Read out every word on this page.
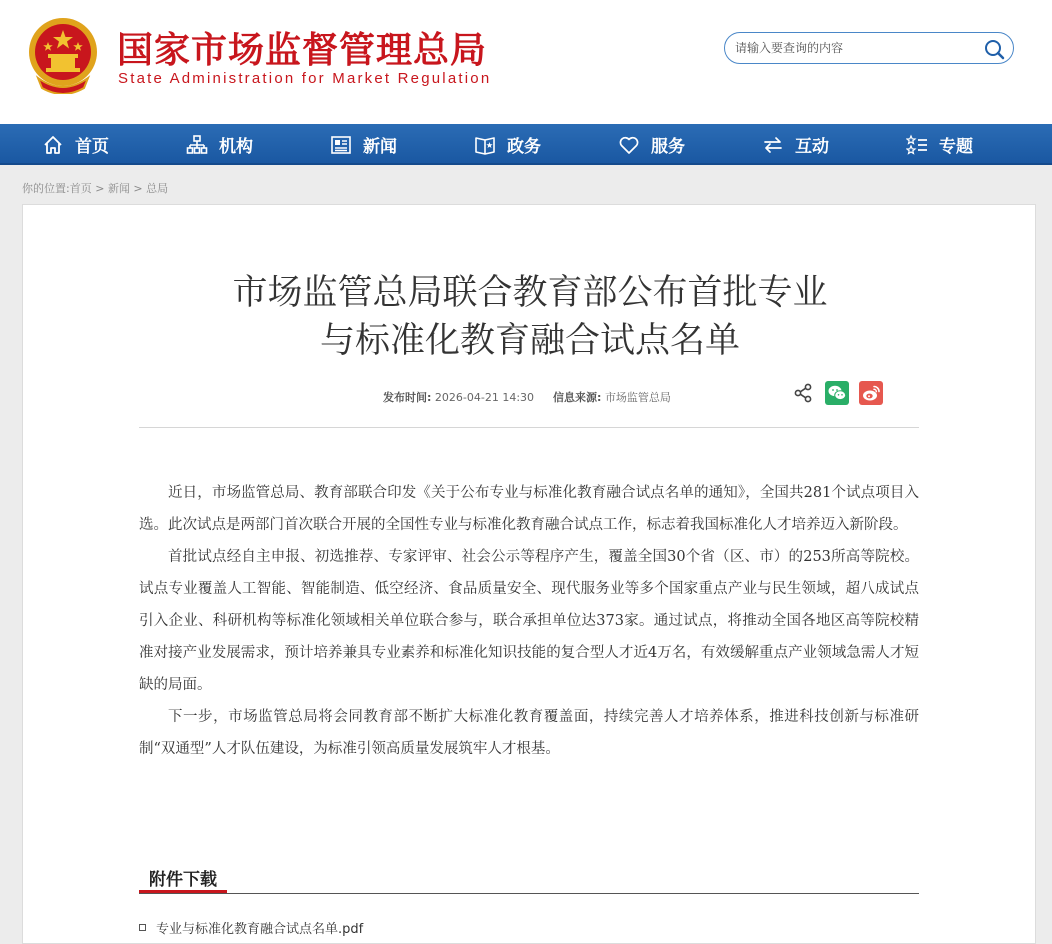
国家市场监督管理总局
State Administration for Market Regulation
请输入要查询的内容
首页	机构	新闻	政务	服务	互动	专题
你的位置:首页 > 新闻 > 总局
市场监管总局联合教育部公布首批专业
与标准化教育融合试点名单
发布时间: 2026-04-21 14:30 信息来源: 市场监管总局

近日，市场监管总局、教育部联合印发《关于公布专业与标准化教育融合试点名单的通知》，全国共281个试点项目入选。此次试点是两部门首次联合开展的全国性专业与标准化教育融合试点工作，标志着我国标准化人才培养迈入新阶段。

首批试点经自主申报、初选推荐、专家评审、社会公示等程序产生，覆盖全国30个省（区、市）的253所高等院校。试点专业覆盖人工智能、智能制造、低空经济、食品质量安全、现代服务业等多个国家重点产业与民生领域，超八成试点引入企业、科研机构等标准化领域相关单位联合参与，联合承担单位达373家。通过试点，将推动全国各地区高等院校精准对接产业发展需求，预计培养兼具专业素养和标准化知识技能的复合型人才近4万名，有效缓解重点产业领域急需人才短缺的局面。

下一步，市场监管总局将会同教育部不断扩大标准化教育覆盖面，持续完善人才培养体系，推进科技创新与标准研制“双通型”人才队伍建设，为标准引领高质量发展筑牢人才根基。

附件下载
专业与标准化教育融合试点名单.pdf
